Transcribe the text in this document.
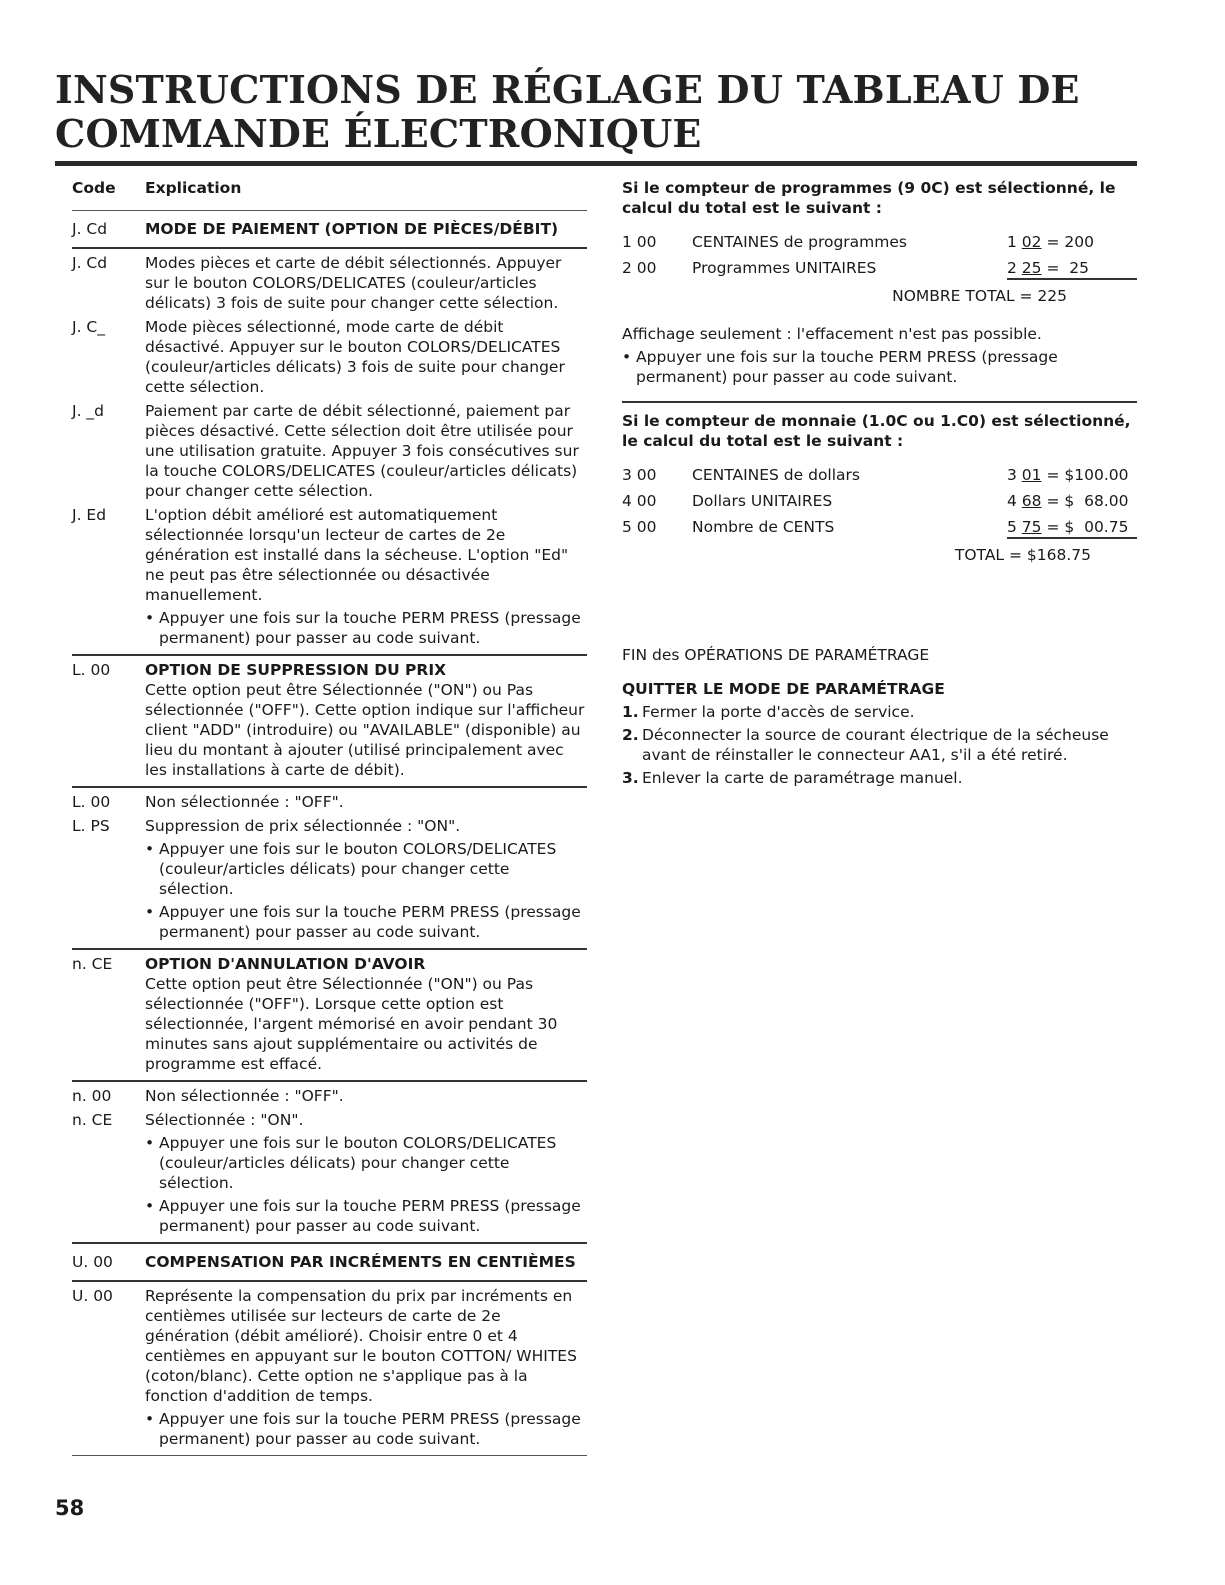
INSTRUCTIONS DE RÉGLAGE DU TABLEAU DE COMMANDE ÉLECTRONIQUE
Code	Explication
J. Cd	MODE DE PAIEMENT (OPTION DE PIÈCES/DÉBIT)
J. Cd	Modes pièces et carte de débit sélectionnés. Appuyer sur le bouton COLORS/DELICATES (couleur/articles délicats) 3 fois de suite pour changer cette sélection.
J. C_	Mode pièces sélectionné, mode carte de débit désactivé. Appuyer sur le bouton COLORS/DELICATES (couleur/articles délicats) 3 fois de suite pour changer cette sélection.
J. _d	Paiement par carte de débit sélectionné, paiement par pièces désactivé. Cette sélection doit être utilisée pour une utilisation gratuite. Appuyer 3 fois consécutives sur la touche COLORS/DELICATES (couleur/articles délicats) pour changer cette sélection.
J. Ed	L'option débit amélioré est automatiquement sélectionnée lorsqu'un lecteur de cartes de 2e génération est installé dans la sécheuse. L'option "Ed" ne peut pas être sélectionnée ou désactivée manuellement.
• Appuyer une fois sur la touche PERM PRESS (pressage permanent) pour passer au code suivant.
L. 00	OPTION DE SUPPRESSION DU PRIX
Cette option peut être Sélectionnée ("ON") ou Pas sélectionnée ("OFF"). Cette option indique sur l'afficheur client "ADD" (introduire) ou "AVAILABLE" (disponible) au lieu du montant à ajouter (utilisé principalement avec les installations à carte de débit).
L. 00	Non sélectionnée : "OFF".
L. PS	Suppression de prix sélectionnée : "ON".
• Appuyer une fois sur le bouton COLORS/DELICATES (couleur/articles délicats) pour changer cette sélection.
• Appuyer une fois sur la touche PERM PRESS (pressage permanent) pour passer au code suivant.
n. CE	OPTION D'ANNULATION D'AVOIR
Cette option peut être Sélectionnée ("ON") ou Pas sélectionnée ("OFF"). Lorsque cette option est sélectionnée, l'argent mémorisé en avoir pendant 30 minutes sans ajout supplémentaire ou activités de programme est effacé.
n. 00	Non sélectionnée : "OFF".
n. CE	Sélectionnée : "ON".
• Appuyer une fois sur le bouton COLORS/DELICATES (couleur/articles délicats) pour changer cette sélection.
• Appuyer une fois sur la touche PERM PRESS (pressage permanent) pour passer au code suivant.
U. 00	COMPENSATION PAR INCRÉMENTS EN CENTIÈMES
U. 00	Représente la compensation du prix par incréments en centièmes utilisée sur lecteurs de carte de 2e génération (débit amélioré). Choisir entre 0 et 4 centièmes en appuyant sur le bouton COTTON/ WHITES (coton/blanc). Cette option ne s'applique pas à la fonction d'addition de temps.
• Appuyer une fois sur la touche PERM PRESS (pressage permanent) pour passer au code suivant.
Si le compteur de programmes (9 0C) est sélectionné, le calcul du total est le suivant :
1 00	CENTAINES de programmes	1 02 = 200
2 00	Programmes UNITAIRES	2 25 =  25
NOMBRE TOTAL = 225
Affichage seulement : l'effacement n'est pas possible.
• Appuyer une fois sur la touche PERM PRESS (pressage permanent) pour passer au code suivant.
Si le compteur de monnaie (1.0C ou 1.C0) est sélectionné, le calcul du total est le suivant :
3 00	CENTAINES de dollars	3 01 = $100.00
4 00	Dollars UNITAIRES	4 68 = $  68.00
5 00	Nombre de CENTS	5 75 = $  00.75
TOTAL = $168.75
FIN des OPÉRATIONS DE PARAMÉTRAGE
QUITTER LE MODE DE PARAMÉTRAGE
1. Fermer la porte d'accès de service.
2. Déconnecter la source de courant électrique de la sécheuse avant de réinstaller le connecteur AA1, s'il a été retiré.
3. Enlever la carte de paramétrage manuel.
58
